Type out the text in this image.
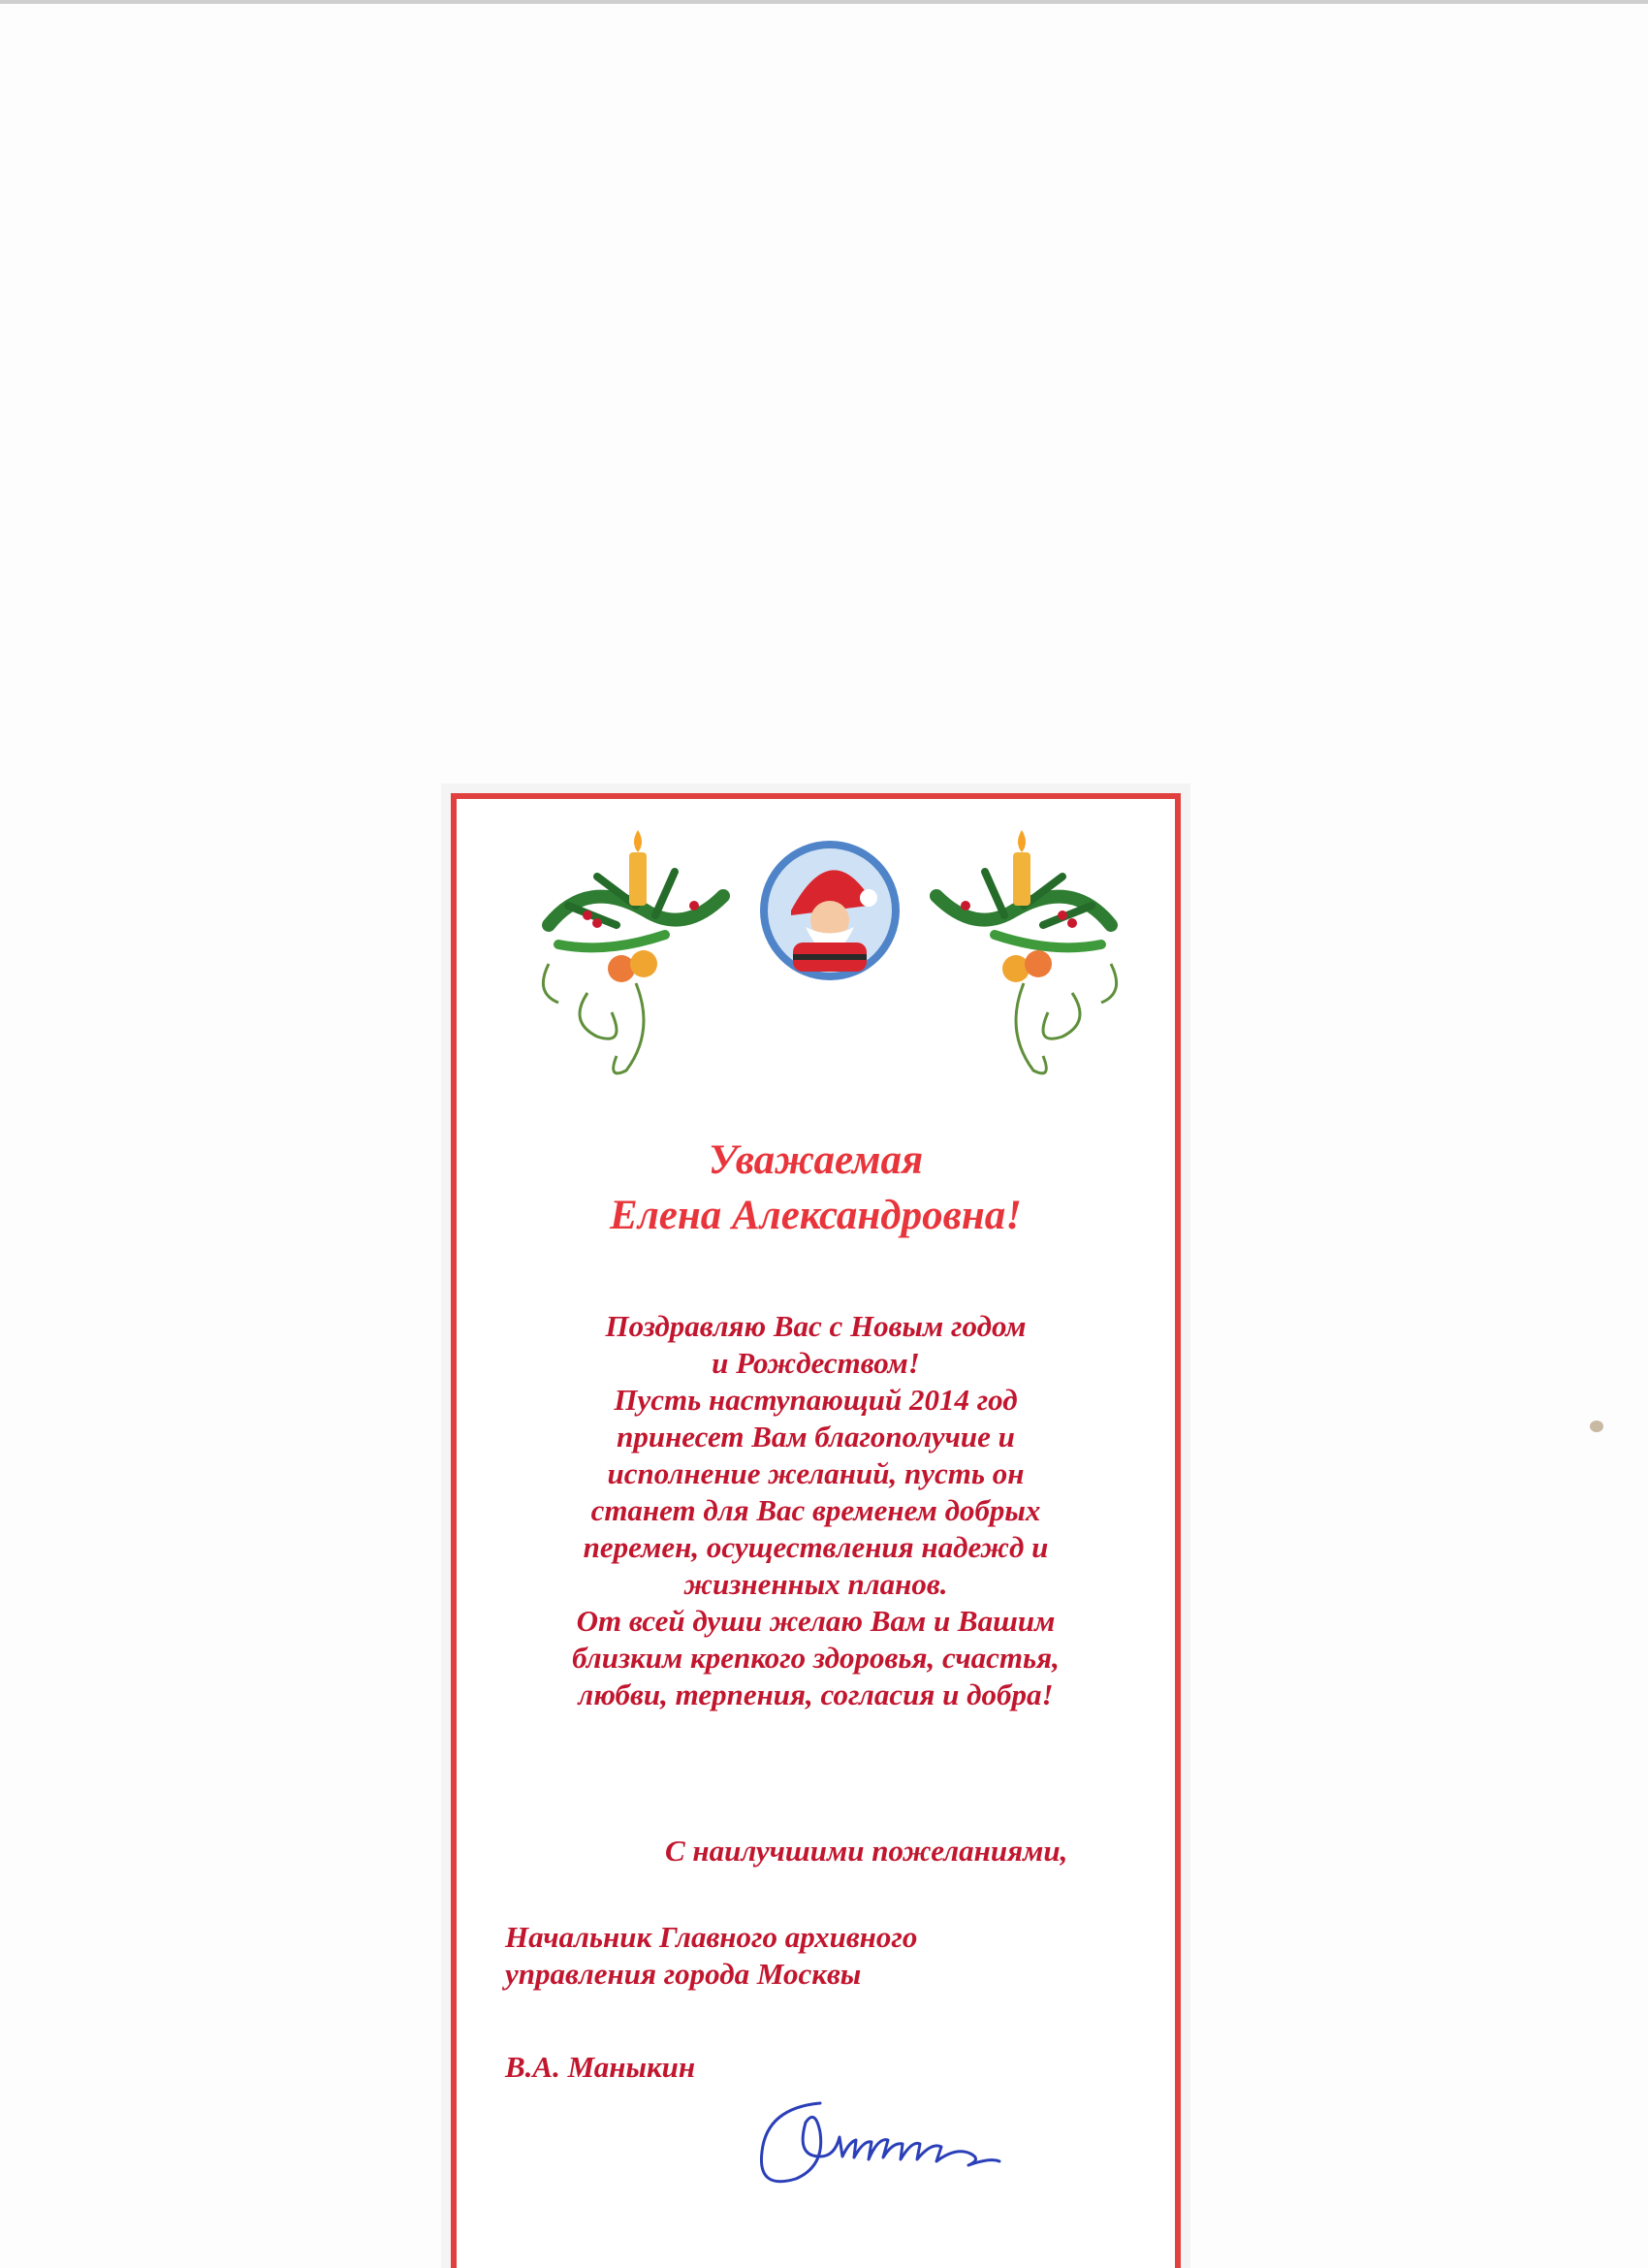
Уважаемая
Елена Александровна!
Поздравляю Вас с Новым годом
и Рождеством!
Пусть наступающий 2014 год
принесет Вам благополучие и
исполнение желаний, пусть он
станет для Вас временем добрых
перемен, осуществления надежд и
жизненных планов.
От всей души желаю Вам и Вашим
близким крепкого здоровья, счастья,
любви, терпения, согласия и добра!
С наилучшими пожеланиями,
Начальник Главного архивного
управления города Москвы
В.А. Маныкин
